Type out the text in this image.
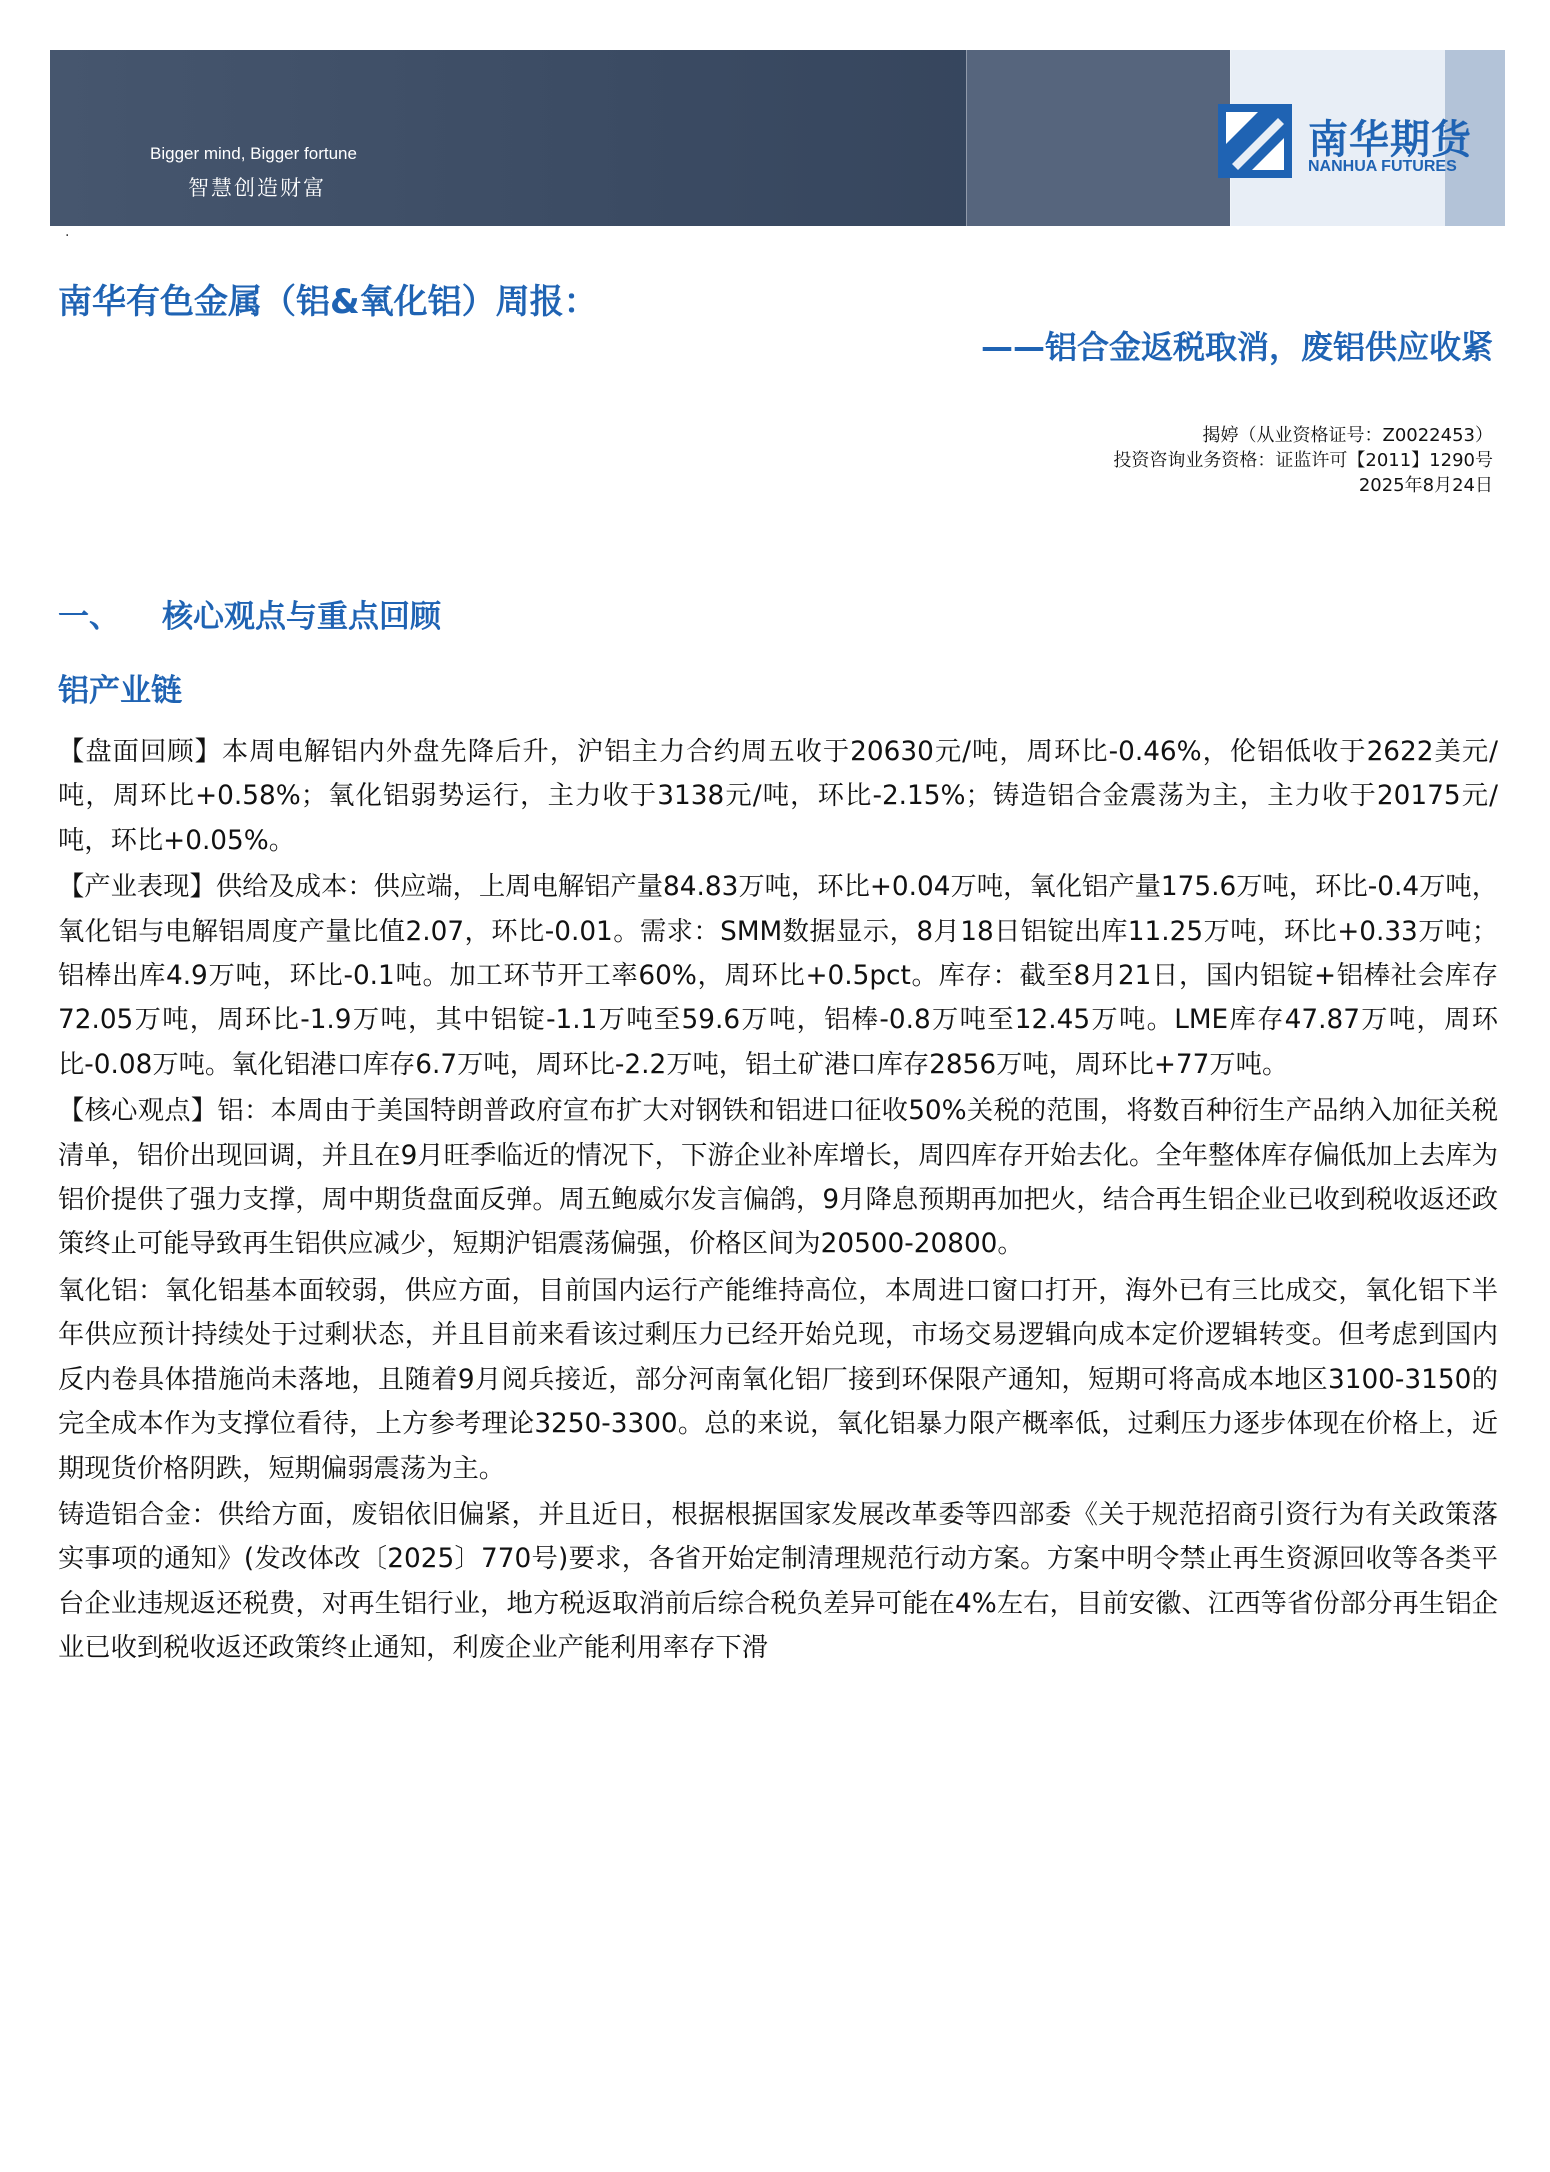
Bigger mind, Bigger fortune
智慧创造财富
南华期货
NANHUA FUTURES
·
南华有色金属（铝&氧化铝）周报：
——铝合金返税取消，废铝供应收紧
揭婷（从业资格证号：Z0022453）
投资咨询业务资格：证监许可【2011】1290号
2025年8月24日
一、 核心观点与重点回顾
铝产业链

【盘面回顾】本周电解铝内外盘先降后升，沪铝主力合约周五收于20630元/吨，周环比-0.46%，伦铝低收于2622美元/吨，周环比+0.58%；氧化铝弱势运行，主力收于3138元/吨，环比-2.15%；铸造铝合金震荡为主，主力收于20175元/吨，环比+0.05%。

【产业表现】供给及成本：供应端，上周电解铝产量84.83万吨，环比+0.04万吨，氧化铝产量175.6万吨，环比-0.4万吨，氧化铝与电解铝周度产量比值2.07，环比-0.01。需求：SMM数据显示，8月18日铝锭出库11.25万吨，环比+0.33万吨；铝棒出库4.9万吨，环比-0.1吨。加工环节开工率60%，周环比+0.5pct。库存：截至8月21日，国内铝锭+铝棒社会库存72.05万吨，周环比-1.9万吨，其中铝锭-1.1万吨至59.6万吨，铝棒-0.8万吨至12.45万吨。LME库存47.87万吨，周环比-0.08万吨。氧化铝港口库存6.7万吨，周环比-2.2万吨，铝土矿港口库存2856万吨，周环比+77万吨。

【核心观点】铝：本周由于美国特朗普政府宣布扩大对钢铁和铝进口征收50%关税的范围，将数百种衍生产品纳入加征关税清单，铝价出现回调，并且在9月旺季临近的情况下，下游企业补库增长，周四库存开始去化。全年整体库存偏低加上去库为铝价提供了强力支撑，周中期货盘面反弹。周五鲍威尔发言偏鸽，9月降息预期再加把火，结合再生铝企业已收到税收返还政策终止可能导致再生铝供应减少，短期沪铝震荡偏强，价格区间为20500-20800。

氧化铝：氧化铝基本面较弱，供应方面，目前国内运行产能维持高位，本周进口窗口打开，海外已有三比成交，氧化铝下半年供应预计持续处于过剩状态，并且目前来看该过剩压力已经开始兑现，市场交易逻辑向成本定价逻辑转变。但考虑到国内反内卷具体措施尚未落地，且随着9月阅兵接近，部分河南氧化铝厂接到环保限产通知，短期可将高成本地区3100-3150的完全成本作为支撑位看待，上方参考理论3250-3300。总的来说，氧化铝暴力限产概率低，过剩压力逐步体现在价格上，近期现货价格阴跌，短期偏弱震荡为主。

铸造铝合金：供给方面，废铝依旧偏紧，并且近日，根据根据国家发展改革委等四部委《关于规范招商引资行为有关政策落实事项的通知》(发改体改〔2025〕770号)要求，各省开始定制清理规范行动方案。方案中明令禁止再生资源回收等各类平台企业违规返还税费，对再生铝行业，地方税返取消前后综合税负差异可能在4%左右，目前安徽、江西等省份部分再生铝企业已收到税收返还政策终止通知，利废企业产能利用率存下滑
